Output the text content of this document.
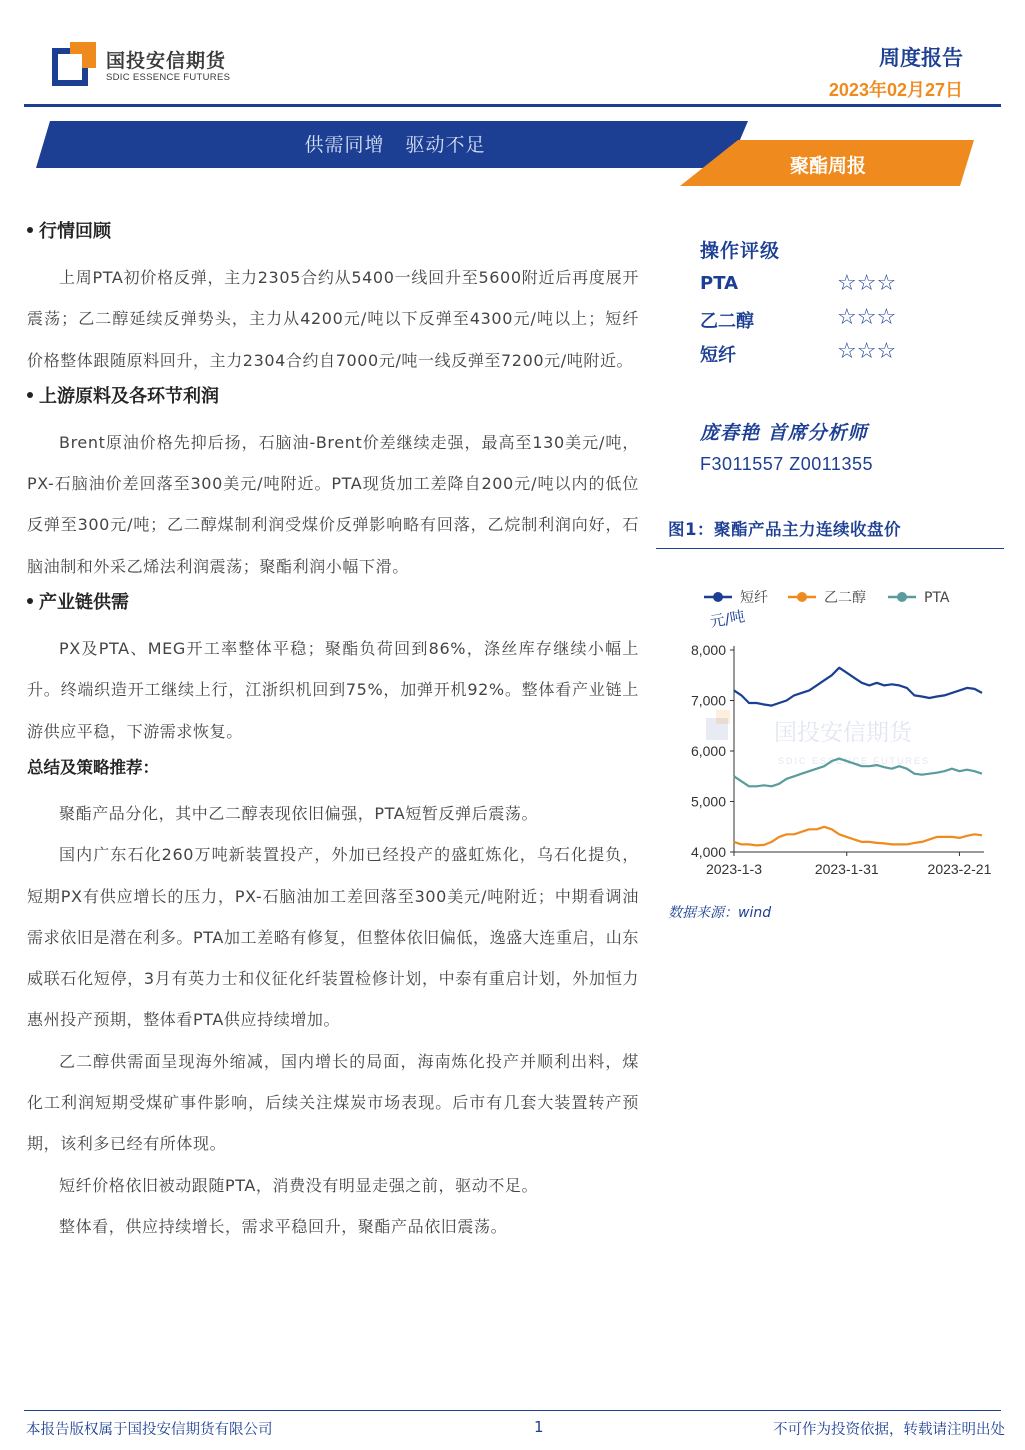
国投安信期货
SDIC ESSENCE FUTURES
周度报告
2023年02月27日
供需同增   驱动不足
聚酯周报
行情回顾
上周PTA初价格反弹，主力2305合约从5400一线回升至5600附近后再度展开震荡；乙二醇延续反弹势头，主力从4200元/吨以下反弹至4300元/吨以上；短纤价格整体跟随原料回升，主力2304合约自7000元/吨一线反弹至7200元/吨附近。
上游原料及各环节利润
Brent原油价格先抑后扬，石脑油-Brent价差继续走强，最高至130美元/吨，PX-石脑油价差回落至300美元/吨附近。PTA现货加工差降自200元/吨以内的低位反弹至300元/吨；乙二醇煤制利润受煤价反弹影响略有回落，乙烷制利润向好，石脑油制和外采乙烯法利润震荡；聚酯利润小幅下滑。
产业链供需
PX及PTA、MEG开工率整体平稳；聚酯负荷回到86%，涤丝库存继续小幅上升。终端织造开工继续上行，江浙织机回到75%，加弹开机92%。整体看产业链上游供应平稳，下游需求恢复。
总结及策略推荐：
聚酯产品分化，其中乙二醇表现依旧偏强，PTA短暂反弹后震荡。
国内广东石化260万吨新装置投产，外加已经投产的盛虹炼化，乌石化提负，短期PX有供应增长的压力，PX-石脑油加工差回落至300美元/吨附近；中期看调油需求依旧是潜在利多。PTA加工差略有修复，但整体依旧偏低，逸盛大连重启，山东威联石化短停，3月有英力士和仪征化纤装置检修计划，中泰有重启计划，外加恒力惠州投产预期，整体看PTA供应持续增加。
乙二醇供需面呈现海外缩减，国内增长的局面，海南炼化投产并顺利出料，煤化工利润短期受煤矿事件影响，后续关注煤炭市场表现。后市有几套大装置转产预期，该利多已经有所体现。
短纤价格依旧被动跟随PTA，消费没有明显走强之前，驱动不足。
整体看，供应持续增长，需求平稳回升，聚酯产品依旧震荡。
操作评级
PTA	☆☆☆
乙二醇	☆☆☆
短纤	☆☆☆
庞春艳 首席分析师
F3011557 Z0011355
图1：聚酯产品主力连续收盘价
国投安信期货
SDIC ESSENCE FUTURES
短纤	乙二醇	PTA
元/吨
4,000
5,000
6,000
7,000
8,000
2023-1-3	2023-1-31	2023-2-21
数据来源：wind
本报告版权属于国投安信期货有限公司	1	不可作为投资依据，转载请注明出处
